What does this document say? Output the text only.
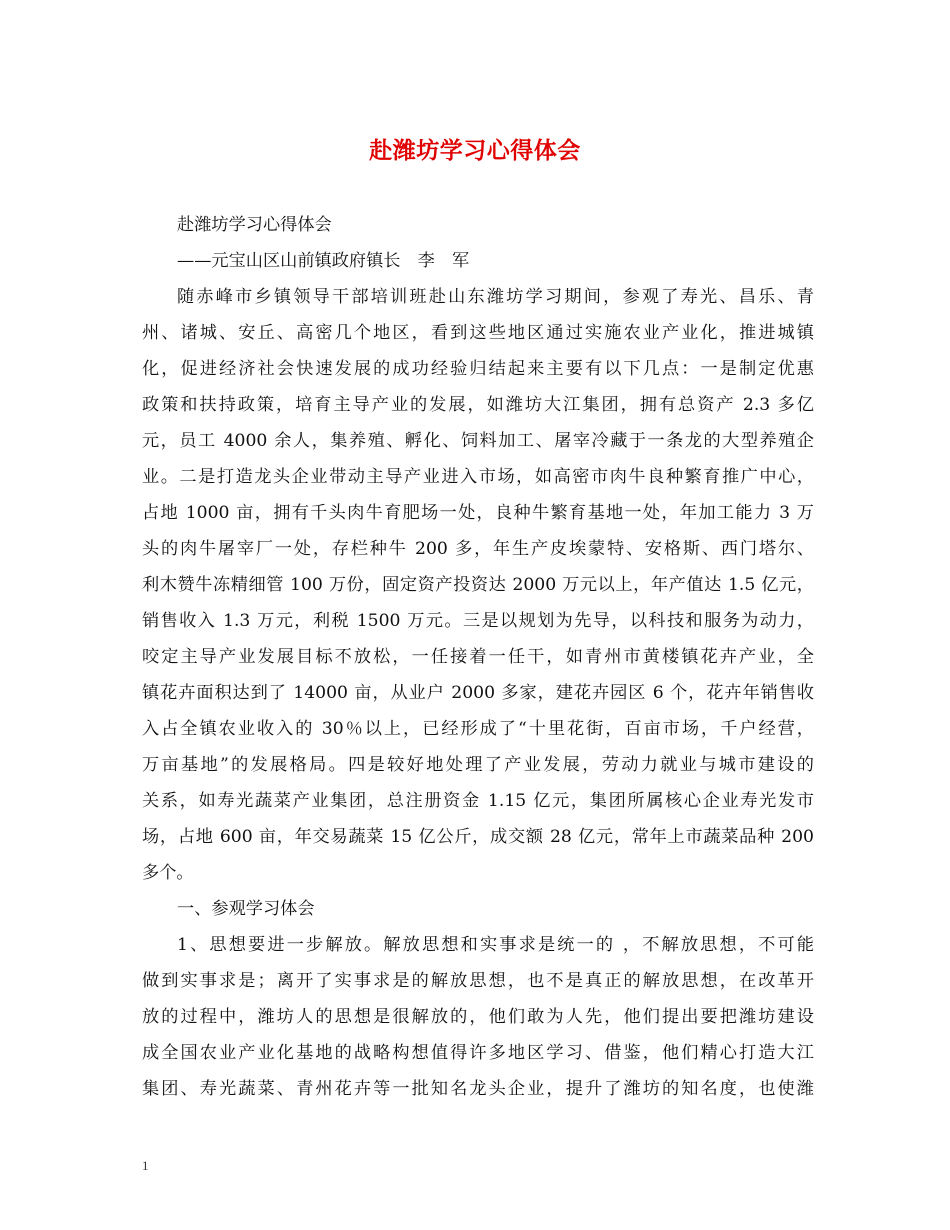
赴潍坊学习心得体会
赴潍坊学习心得体会
——元宝山区山前镇政府镇长　李　军
随赤峰市乡镇领导干部培训班赴山东潍坊学习期间，参观了寿光、昌乐、青
州、诸城、安丘、高密几个地区，看到这些地区通过实施农业产业化，推进城镇
化，促进经济社会快速发展的成功经验归结起来主要有以下几点：一是制定优惠
政策和扶持政策，培育主导产业的发展，如潍坊大江集团，拥有总资产 2.3 多亿
元，员工 4000 余人，集养殖、孵化、饲料加工、屠宰冷藏于一条龙的大型养殖企
业。二是打造龙头企业带动主导产业进入市场，如高密市肉牛良种繁育推广中心，
占地 1000 亩，拥有千头肉牛育肥场一处，良种牛繁育基地一处，年加工能力 3 万
头的肉牛屠宰厂一处，存栏种牛 200 多，年生产皮埃蒙特、安格斯、西门塔尔、
利木赞牛冻精细管 100 万份，固定资产投资达 2000 万元以上，年产值达 1.5 亿元，
销售收入 1.3 万元，利税 1500 万元。三是以规划为先导，以科技和服务为动力，
咬定主导产业发展目标不放松，一任接着一任干，如青州市黄楼镇花卉产业，全
镇花卉面积达到了 14000 亩，从业户 2000 多家，建花卉园区 6 个，花卉年销售收
入占全镇农业收入的 30％以上，已经形成了“十里花街，百亩市场，千户经营，
万亩基地”的发展格局。四是较好地处理了产业发展，劳动力就业与城市建设的
关系，如寿光蔬菜产业集团，总注册资金 1.15 亿元，集团所属核心企业寿光发市
场，占地 600 亩，年交易蔬菜 15 亿公斤，成交额 28 亿元，常年上市蔬菜品种 200
多个。
一、参观学习体会
1、思想要进一步解放。解放思想和实事求是统一的 ，不解放思想，不可能
做到实事求是；离开了实事求是的解放思想，也不是真正的解放思想，在改革开
放的过程中，潍坊人的思想是很解放的，他们敢为人先，他们提出要把潍坊建设
成全国农业产业化基地的战略构想值得许多地区学习、借鉴，他们精心打造大江
集团、寿光蔬菜、青州花卉等一批知名龙头企业，提升了潍坊的知名度，也使潍
1
